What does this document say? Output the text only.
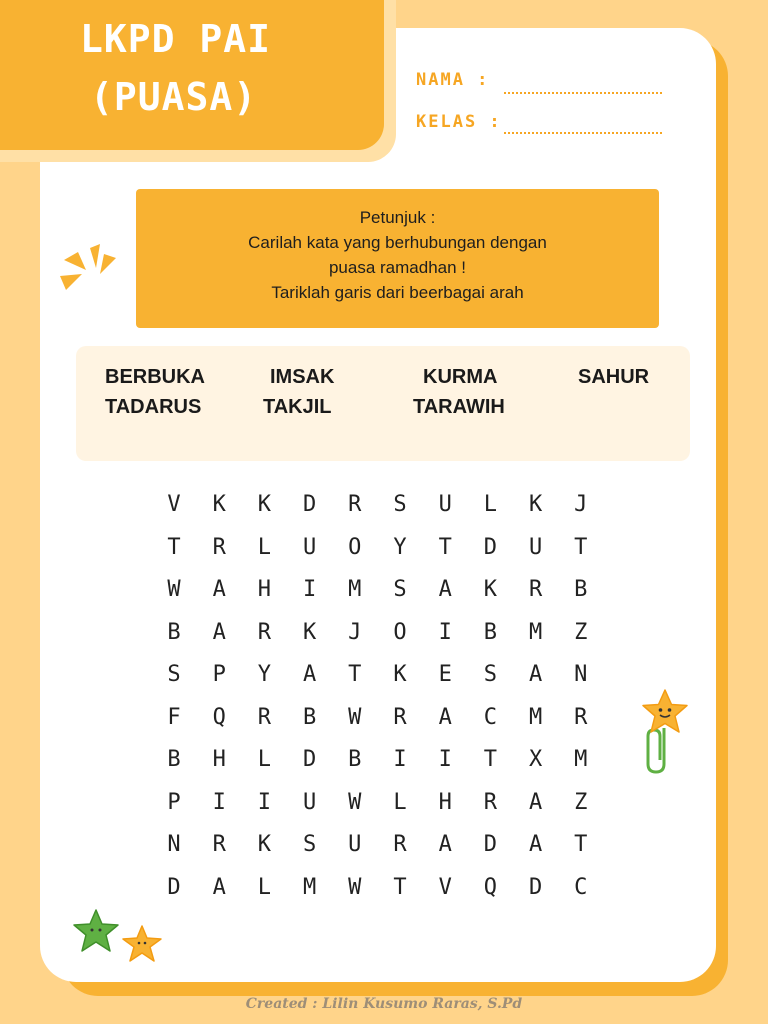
LKPD PAI
(PUASA)	NAMA :
KELAS :
Petunjuk :
Carilah kata yang berhubungan dengan
puasa ramadhan !
Tariklah garis dari beerbagai arah
BERBUKA	IMSAK	KURMA	SAHUR
TADARUS	TAKJIL	TARAWIH
V	K	K	D	R	S	U	L	K	J
T	R	L	U	O	Y	T	D	U	T
W	A	H	I	M	S	A	K	R	B
B	A	R	K	J	O	I	B	M	Z
S	P	Y	A	T	K	E	S	A	N
F	Q	R	B	W	R	A	C	M	R
B	H	L	D	B	I	I	T	X	M
P	I	I	U	W	L	H	R	A	Z
N	R	K	S	U	R	A	D	A	T
D	A	L	M	W	T	V	Q	D	C
Created : Lilin Kusumo Raras, S.Pd
